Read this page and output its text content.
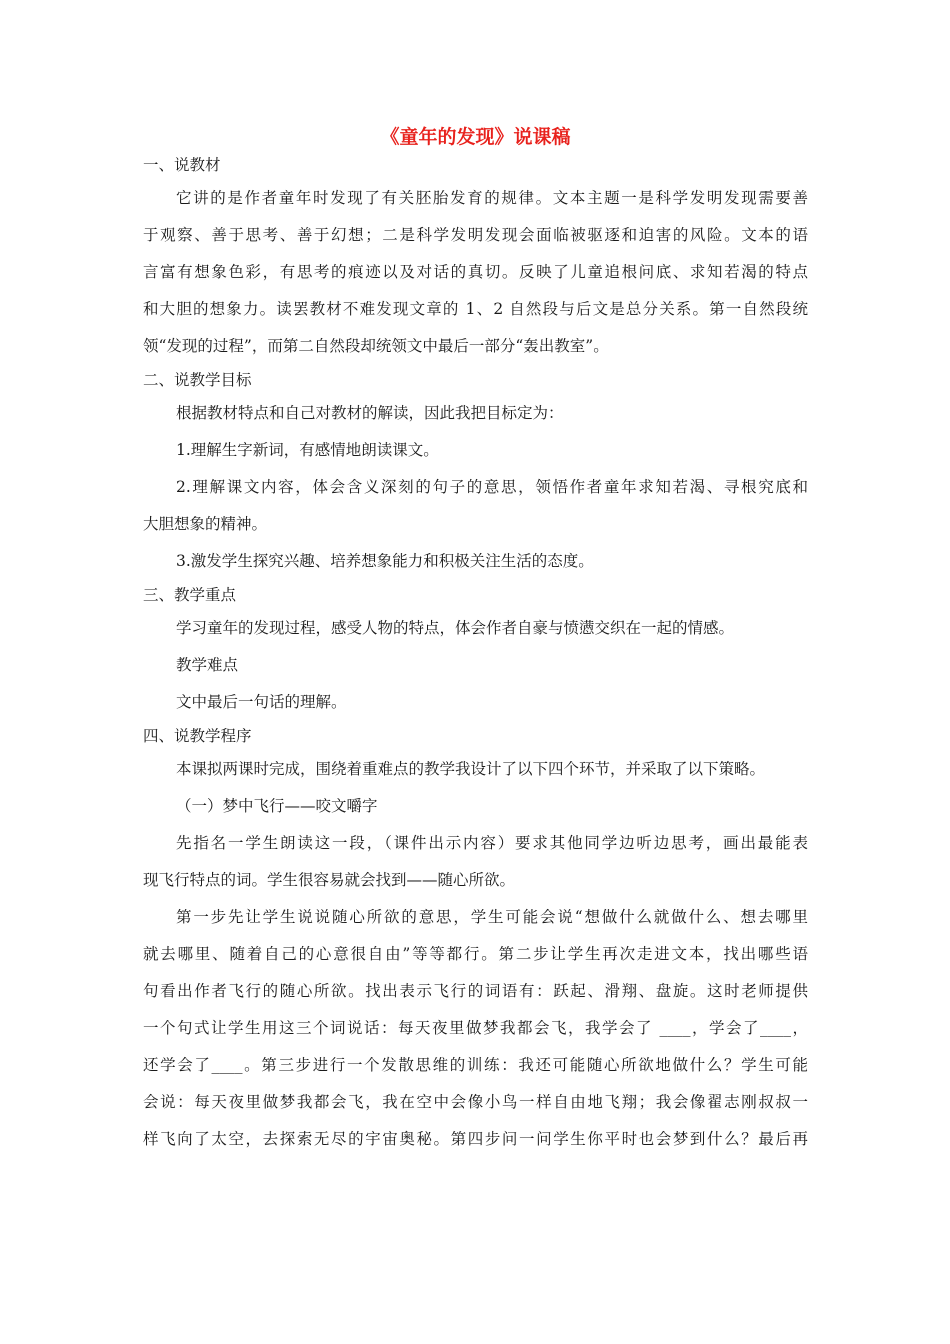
《童年的发现》说课稿

一、说教材

它讲的是作者童年时发现了有关胚胎发育的规律。文本主题一是科学发明发现需要善

于观察、善于思考、善于幻想；二是科学发明发现会面临被驱逐和迫害的风险。文本的语

言富有想象色彩，有思考的痕迹以及对话的真切。反映了儿童追根问底、求知若渴的特点

和大胆的想象力。读罢教材不难发现文章的 1、2 自然段与后文是总分关系。第一自然段统

领“发现的过程”，而第二自然段却统领文中最后一部分“轰出教室”。

二、说教学目标

根据教材特点和自己对教材的解读，因此我把目标定为：

1.理解生字新词，有感情地朗读课文。

2.理解课文内容，体会含义深刻的句子的意思，领悟作者童年求知若渴、寻根究底和

大胆想象的精神。

3.激发学生探究兴趣、培养想象能力和积极关注生活的态度。

三、教学重点

学习童年的发现过程，感受人物的特点，体会作者自豪与愤懑交织在一起的情感。

教学难点

文中最后一句话的理解。

四、说教学程序

本课拟两课时完成，围绕着重难点的教学我设计了以下四个环节，并采取了以下策略。

（一）梦中飞行——咬文嚼字

先指名一学生朗读这一段，（课件出示内容）要求其他同学边听边思考，画出最能表

现飞行特点的词。学生很容易就会找到——随心所欲。

第一步先让学生说说随心所欲的意思，学生可能会说“想做什么就做什么、想去哪里

就去哪里、随着自己的心意很自由”等等都行。第二步让学生再次走进文本，找出哪些语

句看出作者飞行的随心所欲。找出表示飞行的词语有：跃起、滑翔、盘旋。这时老师提供

一个句式让学生用这三个词说话：每天夜里做梦我都会飞，我学会了 ____，学会了____，

还学会了____。第三步进行一个发散思维的训练：我还可能随心所欲地做什么？学生可能

会说：每天夜里做梦我都会飞，我在空中会像小鸟一样自由地飞翔；我会像翟志刚叔叔一

样飞向了太空，去探索无尽的宇宙奥秘。第四步问一问学生你平时也会梦到什么？最后再
